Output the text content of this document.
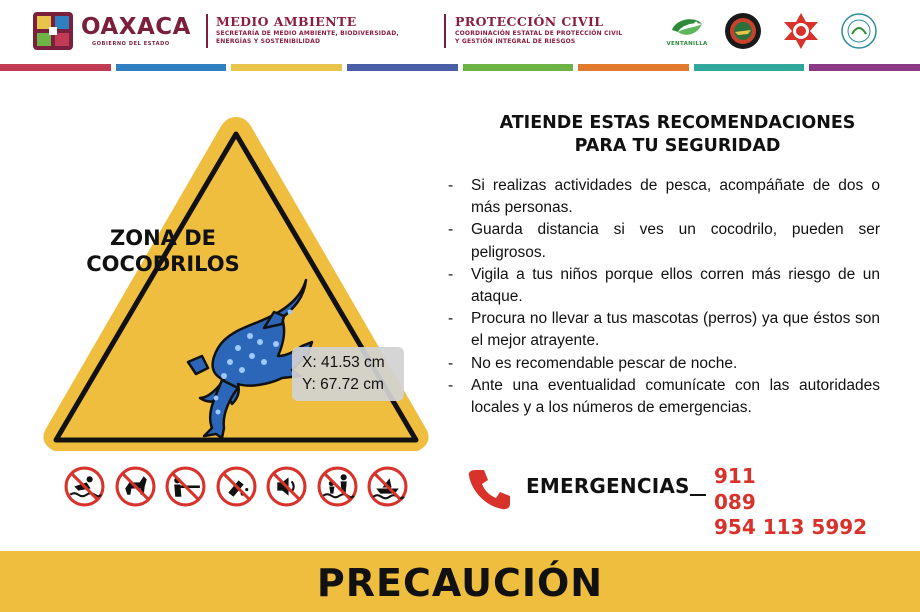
OAXACA
GOBIERNO DEL ESTADO
MEDIO AMBIENTE
SECRETARÍA DE MEDIO AMBIENTE, BIODIVERSIDAD,
ENERGÍAS Y SOSTENIBILIDAD
PROTECCIÓN CIVIL
COORDINACIÓN ESTATAL DE PROTECCIÓN CIVIL
Y GESTIÓN INTEGRAL DE RIESGOS	VENTANILLA
ZONA DE
COCODRILOS
X: 41.53 cm
Y: 67.72 cm
ATIENDE ESTAS RECOMENDACIONES
PARA TU SEGURIDAD
- Si realizas actividades de pesca, acompáñate de dos o más personas.
- Guarda distancia si ves un cocodrilo, pueden ser peligrosos.
- Vigila a tus niños porque ellos corren más riesgo de un ataque.
- Procura no llevar a tus mascotas (perros) ya que éstos son el mejor atrayente.
- No es recomendable pescar de noche.
- Ante una eventualidad comunícate con las autoridades locales y a los números de emergencias.
EMERGENCIAS 911
089
954 113 5992
PRECAUCIÓN
